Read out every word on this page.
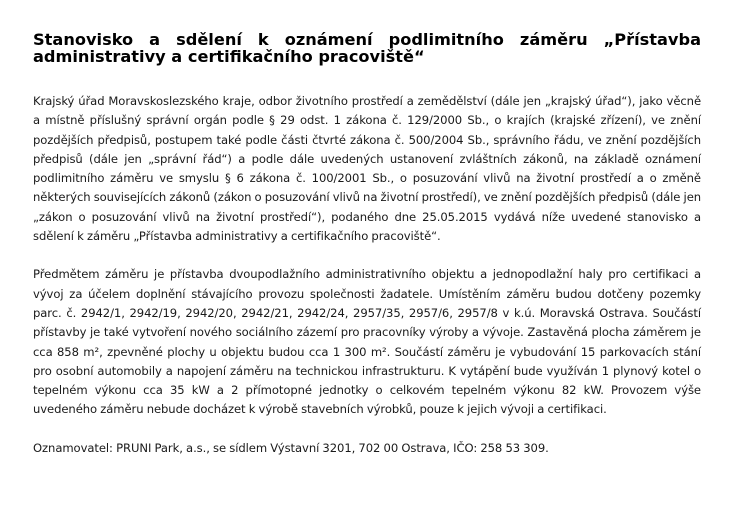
Stanovisko a sdělení k oznámení podlimitního záměru „Přístavba administrativy a certifikačního pracoviště“

Krajský úřad Moravskoslezského kraje, odbor životního prostředí a zemědělství (dále jen „krajský úřad“), jako věcně a místně příslušný správní orgán podle § 29 odst. 1 zákona č. 129/2000 Sb., o krajích (krajské zřízení), ve znění pozdějších předpisů, postupem také podle části čtvrté zákona č. 500/2004 Sb., správního řádu, ve znění pozdějších předpisů (dále jen „správní řád“) a podle dále uvedených ustanovení zvláštních zákonů, na základě oznámení podlimitního záměru ve smyslu § 6 zákona č. 100/2001 Sb., o posuzování vlivů na životní prostředí a o změně některých souvisejících zákonů (zákon o posuzování vlivů na životní prostředí), ve znění pozdějších předpisů (dále jen „zákon o posuzování vlivů na životní prostředí“), podaného dne 25.05.2015 vydává níže uvedené stanovisko a sdělení k záměru „Přístavba administrativy a certifikačního pracoviště“.

Předmětem záměru je přístavba dvoupodlažního administrativního objektu a jednopodlažní haly pro certifikaci a vývoj za účelem doplnění stávajícího provozu společnosti žadatele. Umístěním záměru budou dotčeny pozemky parc. č. 2942/1, 2942/19, 2942/20, 2942/21, 2942/24, 2957/35, 2957/6, 2957/8 v k.ú. Moravská Ostrava. Součástí přístavby je také vytvoření nového sociálního zázemí pro pracovníky výroby a vývoje. Zastavěná plocha záměrem je cca 858 m², zpevněné plochy u objektu budou cca 1 300 m². Součástí záměru je vybudování 15 parkovacích stání pro osobní automobily a napojení záměru na technickou infrastrukturu. K vytápění bude využíván 1 plynový kotel o tepelném výkonu cca 35 kW a 2 přímotopné jednotky o celkovém tepelném výkonu 82 kW. Provozem výše uvedeného záměru nebude docházet k výrobě stavebních výrobků, pouze k jejich vývoji a certifikaci.

Oznamovatel: PRUNI Park, a.s., se sídlem Výstavní 3201, 702 00 Ostrava, IČO: 258 53 309.
